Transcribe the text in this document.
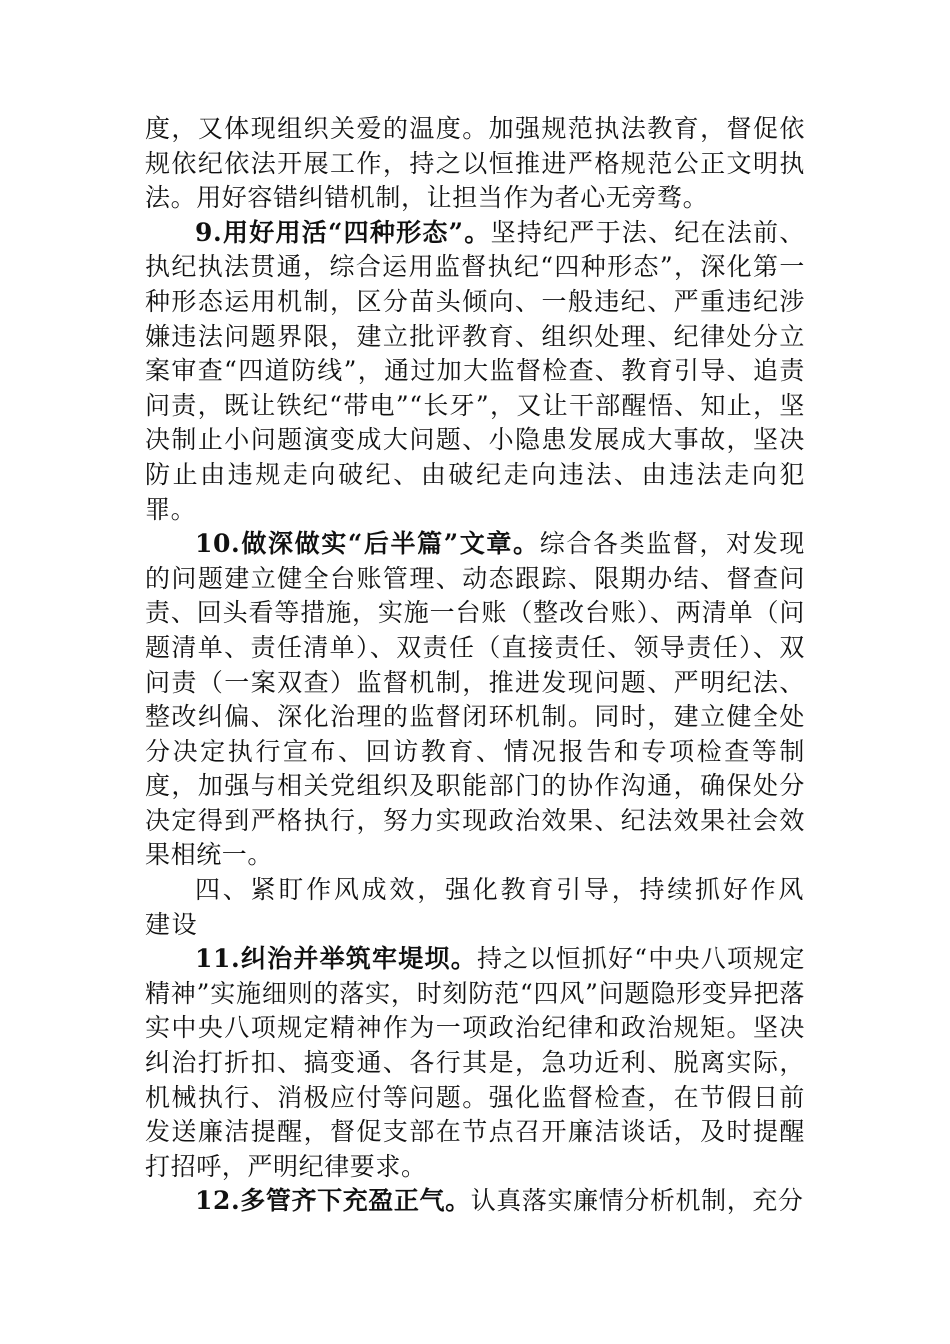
度，又体现组织关爱的温度。加强规范执法教育，督促依规依纪依法开展工作，持之以恒推进严格规范公正文明执法。用好容错纠错机制，让担当作为者心无旁骛。

9.用好用活“四种形态”。坚持纪严于法、纪在法前、执纪执法贯通，综合运用监督执纪“四种形态”，深化第一种形态运用机制，区分苗头倾向、一般违纪、严重违纪涉嫌违法问题界限，建立批评教育、组织处理、纪律处分立案审查“四道防线”，通过加大监督检查、教育引导、追责问责，既让铁纪“带电”“长牙”，又让干部醒悟、知止，坚决制止小问题演变成大问题、小隐患发展成大事故，坚决防止由违规走向破纪、由破纪走向违法、由违法走向犯罪。

10.做深做实“后半篇”文章。综合各类监督，对发现的问题建立健全台账管理、动态跟踪、限期办结、督查问责、回头看等措施，实施一台账（整改台账）、两清单（问题清单、责任清单）、双责任（直接责任、领导责任）、双问责（一案双查）监督机制，推进发现问题、严明纪法、整改纠偏、深化治理的监督闭环机制。同时，建立健全处分决定执行宣布、回访教育、情况报告和专项检查等制度，加强与相关党组织及职能部门的协作沟通，确保处分决定得到严格执行，努力实现政治效果、纪法效果社会效果相统一。

四、紧盯作风成效，强化教育引导，持续抓好作风建设

11.纠治并举筑牢堤坝。持之以恒抓好“中央八项规定精神”实施细则的落实，时刻防范“四风”问题隐形变异把落实中央八项规定精神作为一项政治纪律和政治规矩。坚决纠治打折扣、搞变通、各行其是，急功近利、脱离实际，机械执行、消极应付等问题。强化监督检查，在节假日前发送廉洁提醒，督促支部在节点召开廉洁谈话，及时提醒打招呼，严明纪律要求。

12.多管齐下充盈正气。认真落实廉情分析机制，充分
